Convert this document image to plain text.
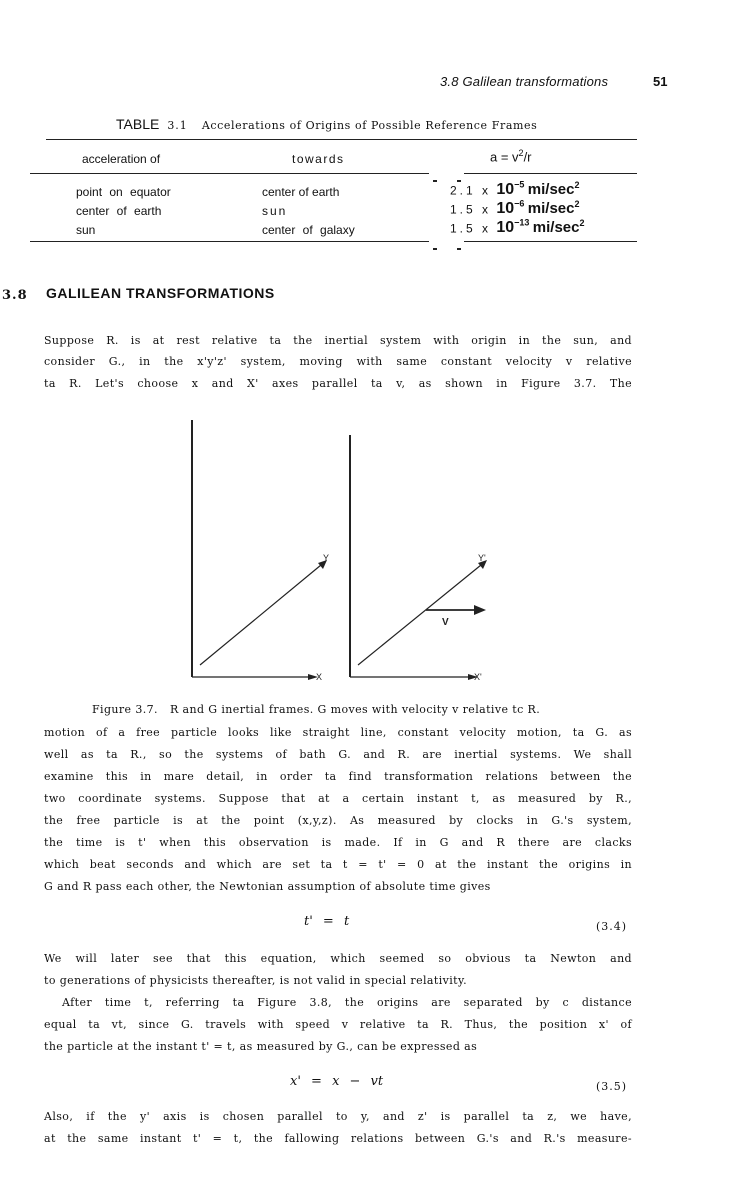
3.8 Galilean transformations	51
TABLE 3.1 Accelerations of Origins of Possible Reference Frames
acceleration of	towards	$a = v^2/r$
point on equator	center of earth	2.1 x $10^{-5}$ $mi/\sec^2$
center of earth	sun	1.5 x $10^{-6}$ $mi/\sec^2$
sun	center of galaxy	1.5 x $10^{-13}$ $mi/\sec^2$
3.8 GALILEAN TRANSFORMATIONS
Suppose R. is at rest relative ta the inertial system with origin in the sun, and
consider G., in the x'y'z' system, moving with same constant velocity v relative
ta R. Let's choose x and X' axes parallel ta v, as shown in Figure 3.7. The
Y
X
Y'
X'
V
Figure 3.7. R and G inertial frames. G moves with velocity v relative tc R.
motion of a free particle looks like straight line, constant velocity motion, ta G. as
well as ta R., so the systems of bath G. and R. are inertial systems. We shall
examine this in mare detail, in order ta find transformation relations between the
two coordinate systems. Suppose that at a certain instant t, as measured by R.,
the free particle is at the point (x,y,z). As measured by clocks in G.'s system,
the time is t' when this observation is made. If in G and R there are clacks
which beat seconds and which are set ta t = t' = 0 at the instant the origins in
G and R pass each other, the Newtonian assumption of absolute time gives
t' = t	(3.4)
We will later see that this equation, which seemed so obvious ta Newton and
to generations of physicists thereafter, is not valid in special relativity.
After time t, referring ta Figure 3.8, the origins are separated by c distance
equal ta vt, since G. travels with speed v relative ta R. Thus, the position x' of
the particle at the instant t' = t, as measured by G., can be expressed as
x' = x − vt	(3.5)
Also, if the y' axis is chosen parallel to y, and z' is parallel ta z, we have,
at the same instant t' = t, the fallowing relations between G.'s and R.'s measure-
